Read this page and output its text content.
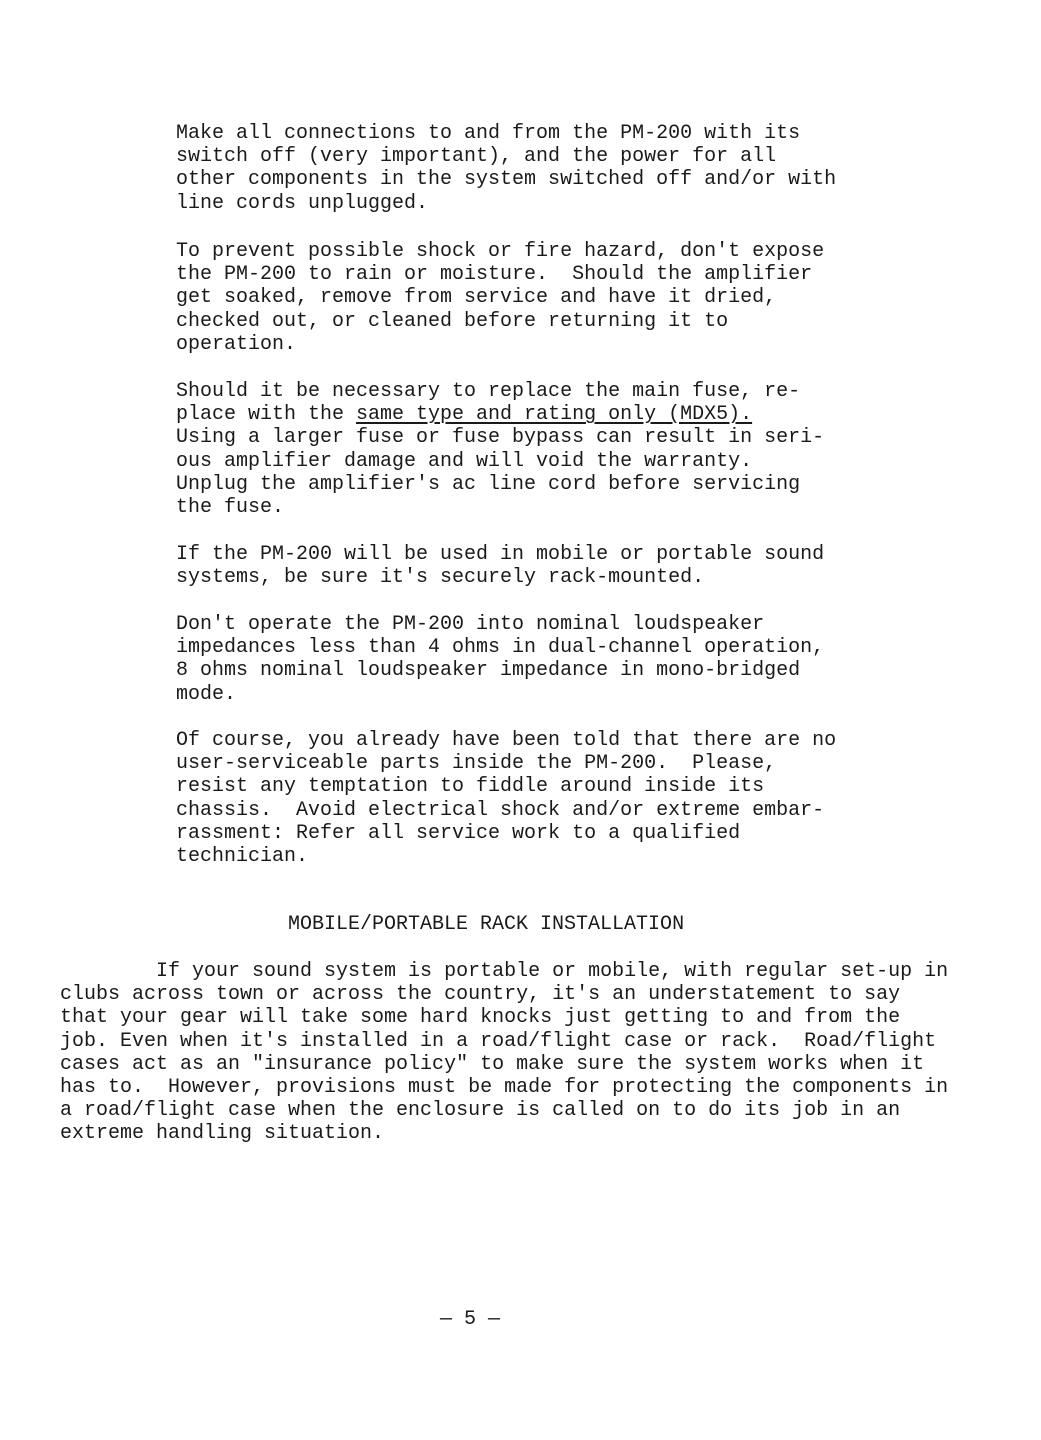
Make all connections to and from the PM-200 with its
switch off (very important), and the power for all
other components in the system switched off and/or with
line cords unplugged.
To prevent possible shock or fire hazard, don't expose
the PM-200 to rain or moisture.  Should the amplifier
get soaked, remove from service and have it dried,
checked out, or cleaned before returning it to
operation.
Should it be necessary to replace the main fuse, re-
place with the same type and rating only (MDX5).
Using a larger fuse or fuse bypass can result in seri-
ous amplifier damage and will void the warranty.
Unplug the amplifier's ac line cord before servicing
the fuse.
If the PM-200 will be used in mobile or portable sound
systems, be sure it's securely rack-mounted.
Don't operate the PM-200 into nominal loudspeaker
impedances less than 4 ohms in dual-channel operation,
8 ohms nominal loudspeaker impedance in mono-bridged
mode.
Of course, you already have been told that there are no
user-serviceable parts inside the PM-200.  Please,
resist any temptation to fiddle around inside its
chassis.  Avoid electrical shock and/or extreme embar-
rassment: Refer all service work to a qualified
technician.
MOBILE/PORTABLE RACK INSTALLATION
If your sound system is portable or mobile, with regular set-up in
clubs across town or across the country, it's an understatement to say
that your gear will take some hard knocks just getting to and from the
job. Even when it's installed in a road/flight case or rack.  Road/flight
cases act as an "insurance policy" to make sure the system works when it
has to.  However, provisions must be made for protecting the components in
a road/flight case when the enclosure is called on to do its job in an
extreme handling situation.
— 5 —
